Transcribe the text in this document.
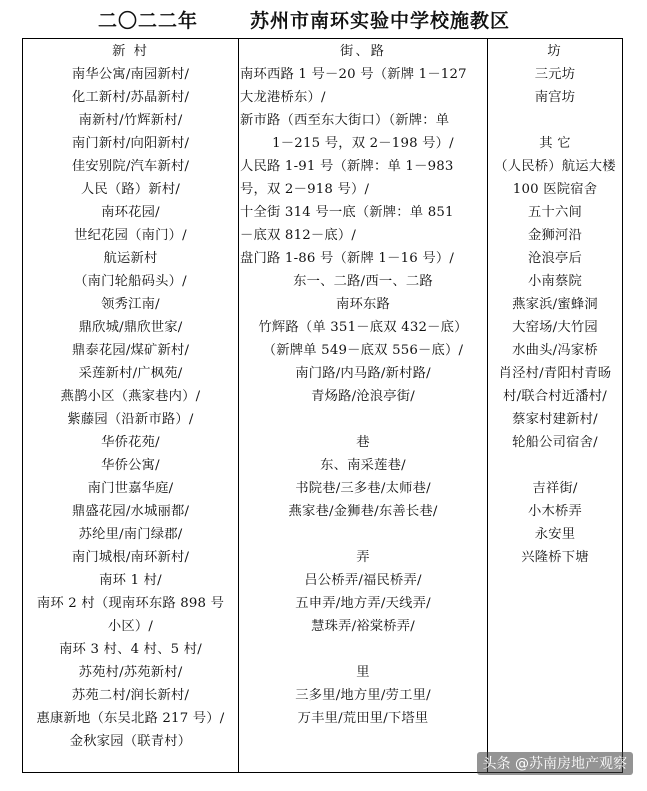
二〇二二年	苏州市南环实验中学校施教区
新 村
南华公寓/南园新村/
化工新村/苏晶新村/
南新村/竹辉新村/
南门新村/向阳新村/
佳安别院/汽车新村/
人民（路）新村/
南环花园/
世纪花园（南门）/
航运新村
（南门轮船码头）/
领秀江南/
鼎欣城/鼎欣世家/
鼎泰花园/煤矿新村/
采莲新村/广枫苑/
燕鹊小区（燕家巷内）/
紫藤园（沿新市路）/
华侨花苑/
华侨公寓/
南门世嘉华庭/
鼎盛花园/水城丽都/
苏纶里/南门绿郡/
南门城根/南环新村/
南环 1 村/
南环 2 村（现南环东路 898 号
小区）/
南环 3 村、4 村、5 村/
苏苑村/苏苑新村/
苏苑二村/润长新村/
惠康新地（东吴北路 217 号）/
金秋家园（联青村）
街、路
南环西路 1 号－20 号（新牌 1－127
大龙港桥东）/
新市路（西至东大街口）（新牌：单
1－215 号，双 2－198 号）/
人民路 1-91 号（新牌：单 1－983
号，双 2－918 号）/
十全街 314 号一底（新牌：单 851
－底双 812－底）/
盘门路 1-86 号（新牌 1－16 号）/
东一、二路/西一、二路
南环东路
竹辉路（单 351－底双 432－底）
（新牌单 549－底双 556－底）/
南门路/内马路/新村路/
青炀路/沧浪亭街/
巷
东、南采莲巷/
书院巷/三多巷/太师巷/
燕家巷/金狮巷/东善长巷/
弄
吕公桥弄/福民桥弄/
五申弄/地方弄/天线弄/
慧珠弄/裕棠桥弄/
里
三多里/地方里/劳工里/
万丰里/荒田里/下塔里
坊
三元坊
南宫坊
其 它
（人民桥）航运大楼
100 医院宿舍
五十六间
金狮河沿
沧浪亭后
小南蔡院
燕家浜/蜜蜂洞
大窑场/大竹园
水曲头/冯家桥
肖泾村/青阳村青旸
村/联合村近潘村/
蔡家村建新村/
轮船公司宿舍/
吉祥街/
小木桥弄
永安里
兴隆桥下塘
头条 @苏南房地产观察
